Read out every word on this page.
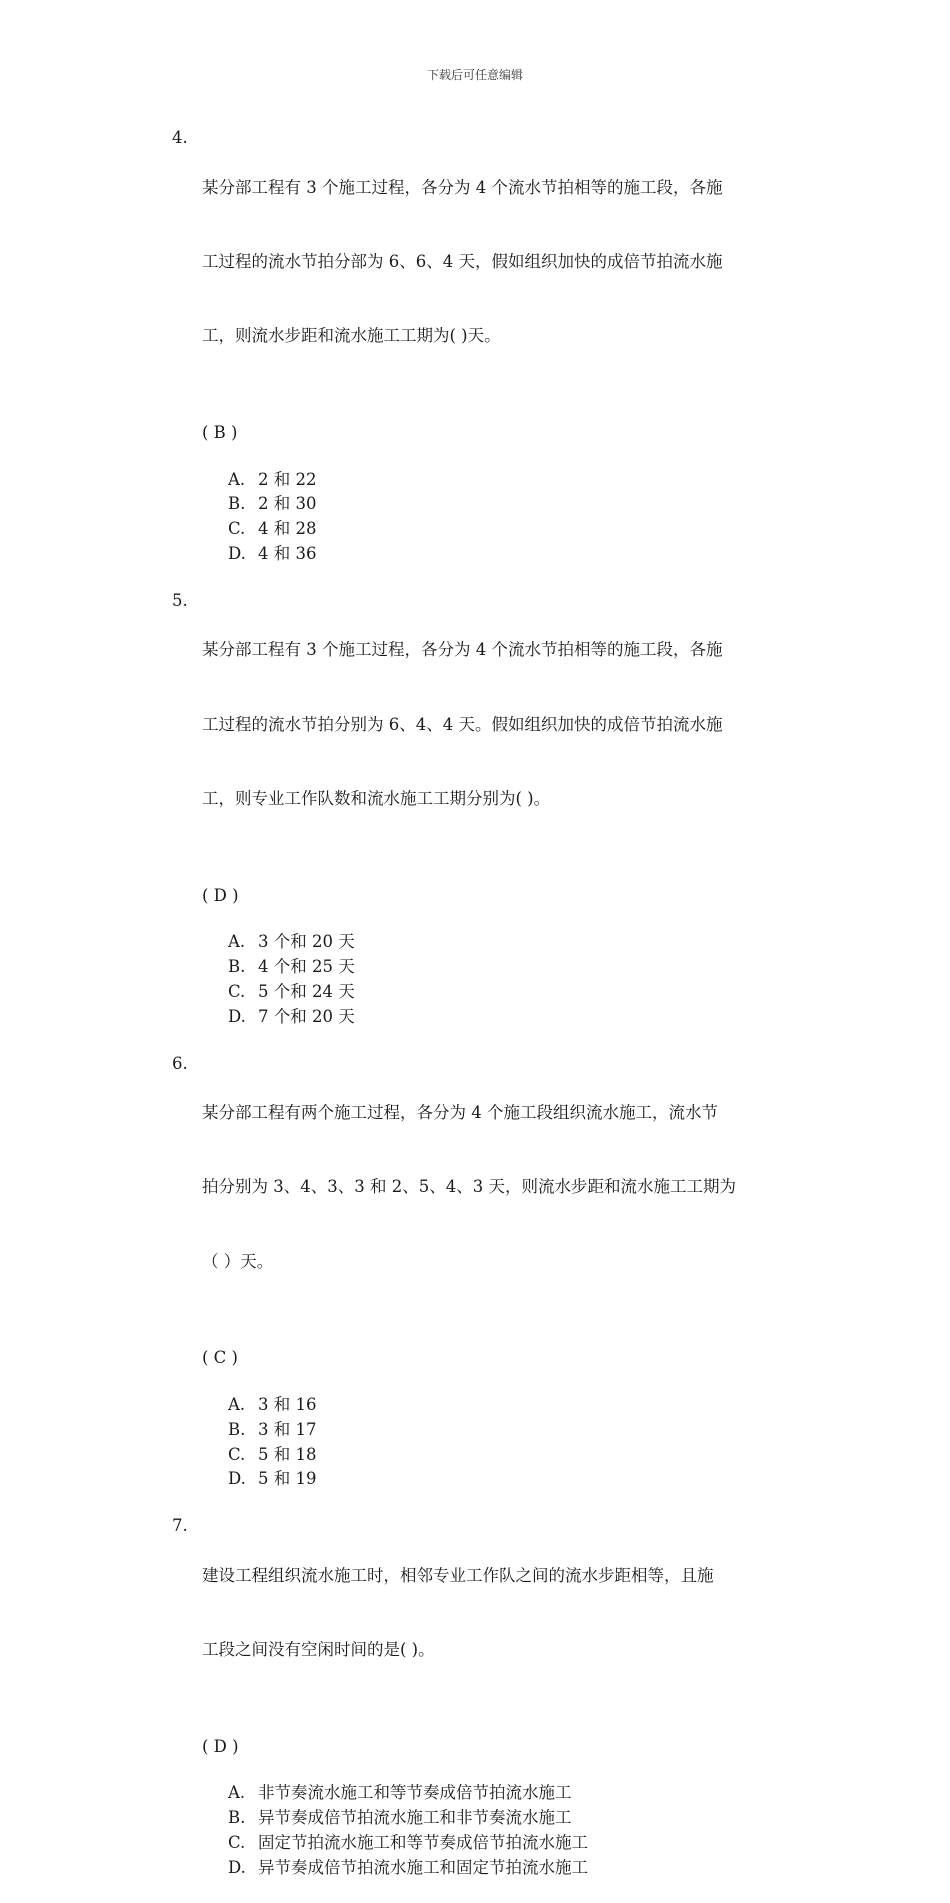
下载后可任意编辑
4.

某分部工程有 3 个施工过程，各分为 4 个流水节拍相等的施工段，各施

工过程的流水节拍分部为 6、6、4 天，假如组织加快的成倍节拍流水施

工，则流水步距和流水施工工期为( )天。

( B )
A. 2 和 22
B. 2 和 30
C. 4 和 28
D. 4 和 36
5.

某分部工程有 3 个施工过程，各分为 4 个流水节拍相等的施工段，各施

工过程的流水节拍分别为 6、4、4 天。假如组织加快的成倍节拍流水施

工，则专业工作队数和流水施工工期分别为( )。

( D )
A. 3 个和 20 天
B. 4 个和 25 天
C. 5 个和 24 天
D. 7 个和 20 天
6.

某分部工程有两个施工过程，各分为 4 个施工段组织流水施工，流水节

拍分别为 3、4、3、3 和 2、5、4、3 天，则流水步距和流水施工工期为

（ ）天。

( C )
A. 3 和 16
B. 3 和 17
C. 5 和 18
D. 5 和 19
7.

建设工程组织流水施工时，相邻专业工作队之间的流水步距相等，且施

工段之间没有空闲时间的是( )。

( D )
A. 非节奏流水施工和等节奏成倍节拍流水施工
B. 异节奏成倍节拍流水施工和非节奏流水施工
C. 固定节拍流水施工和等节奏成倍节拍流水施工
D. 异节奏成倍节拍流水施工和固定节拍流水施工
